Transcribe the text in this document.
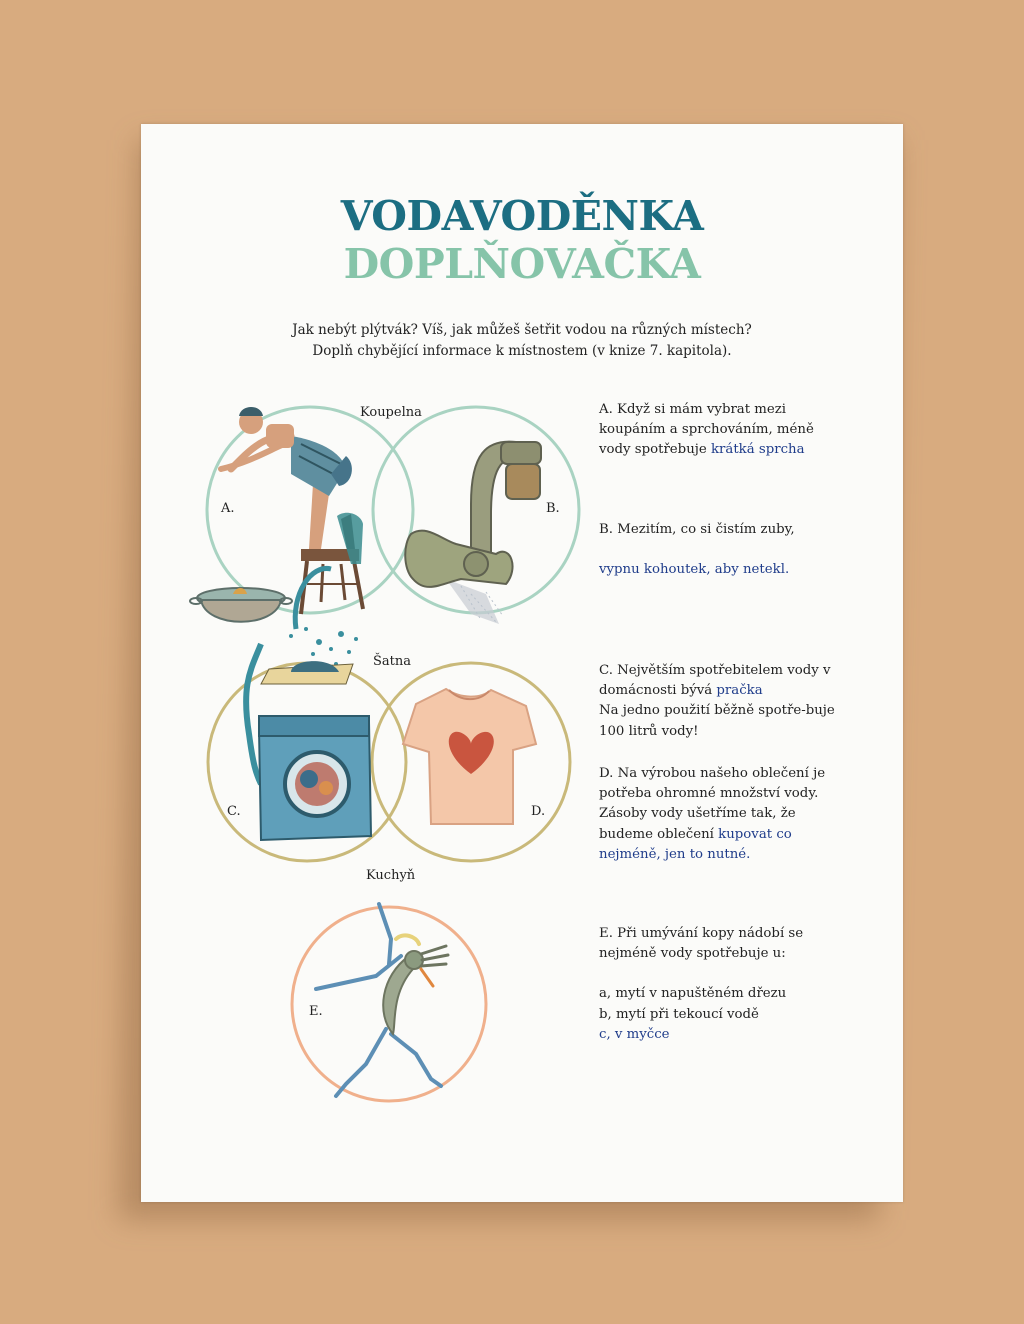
VODAVODĚNKA
DOPLŇOVAČKA
Jak nebýt plýtvák? Víš, jak můžeš šetřit vodou na různých místech?
Doplň chybějící informace k místnostem (v knize 7. kapitola).
Koupelna
Šatna
Kuchyň
A.	B.
C.	D.
E.
A. Když si mám vybrat mezi koupáním a sprchováním, méně vody spotřebuje krátká sprcha
B. Mezitím, co si čistím zuby,
vypnu kohoutek, aby netekl.
C. Největším spotřebitelem vody v domácnosti bývá pračka
Na jedno použití běžně spotře-buje 100 litrů vody!
D. Na výrobou našeho oblečení je potřeba ohromné množství vody. Zásoby vody ušetříme tak, že budeme oblečení kupovat co nejméně, jen to nutné.
E. Při umývání kopy nádobí se nejméně vody spotřebuje u:
a, mytí v napuštěném dřezu
b, mytí při tekoucí vodě
c, v myčce
